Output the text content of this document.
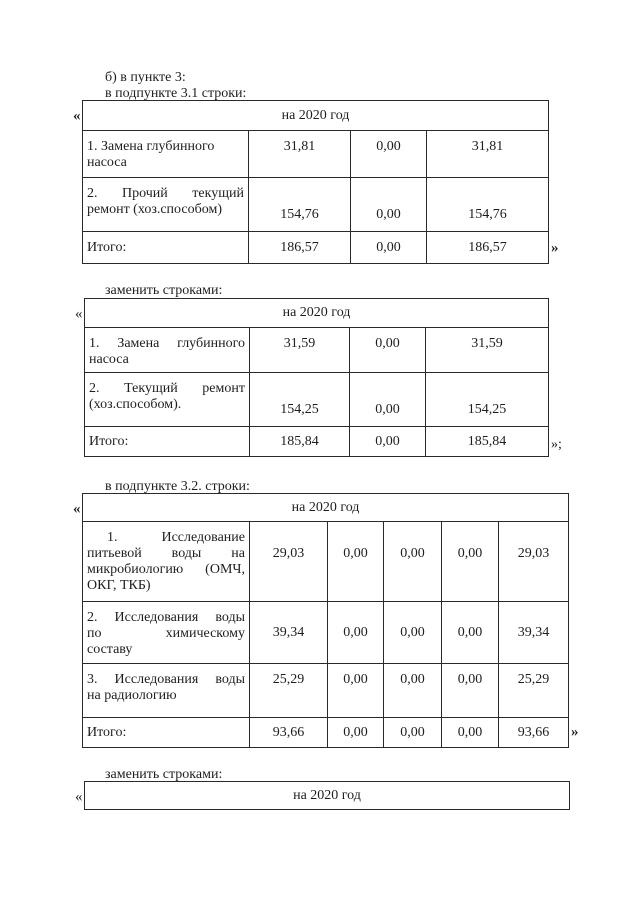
б) в пункте 3:
в подпункте 3.1 строки:
«	на 2020 год			

1. Замена глубинного
насоса	31,81	0,00	31,81

2. Прочий текущий
ремонт (хоз.способом)	154,76	0,00	154,76
Итого:	186,57	0,00	186,57	»
заменить строками:
«	на 2020 год			

1. Замена глубинного
насоса	31,59	0,00	31,59

2. Текущий ремонт
(хоз.способом).	154,25	0,00	154,25
Итого:	185,84	0,00	185,84	»;
в подпункте 3.2. строки:
«	на 2020 год					

1. Исследование
питьевой воды на
микробиологию (ОМЧ,
ОКГ, ТКБ)	29,03	0,00	0,00	0,00	29,03

2. Исследования воды
по химическому
составу	39,34	0,00	0,00	0,00	39,34

3. Исследования воды
на радиологию	25,29	0,00	0,00	0,00	25,29
Итого:	93,66	0,00	0,00	0,00	93,66 »
заменить строками:
«	на 2020 год
